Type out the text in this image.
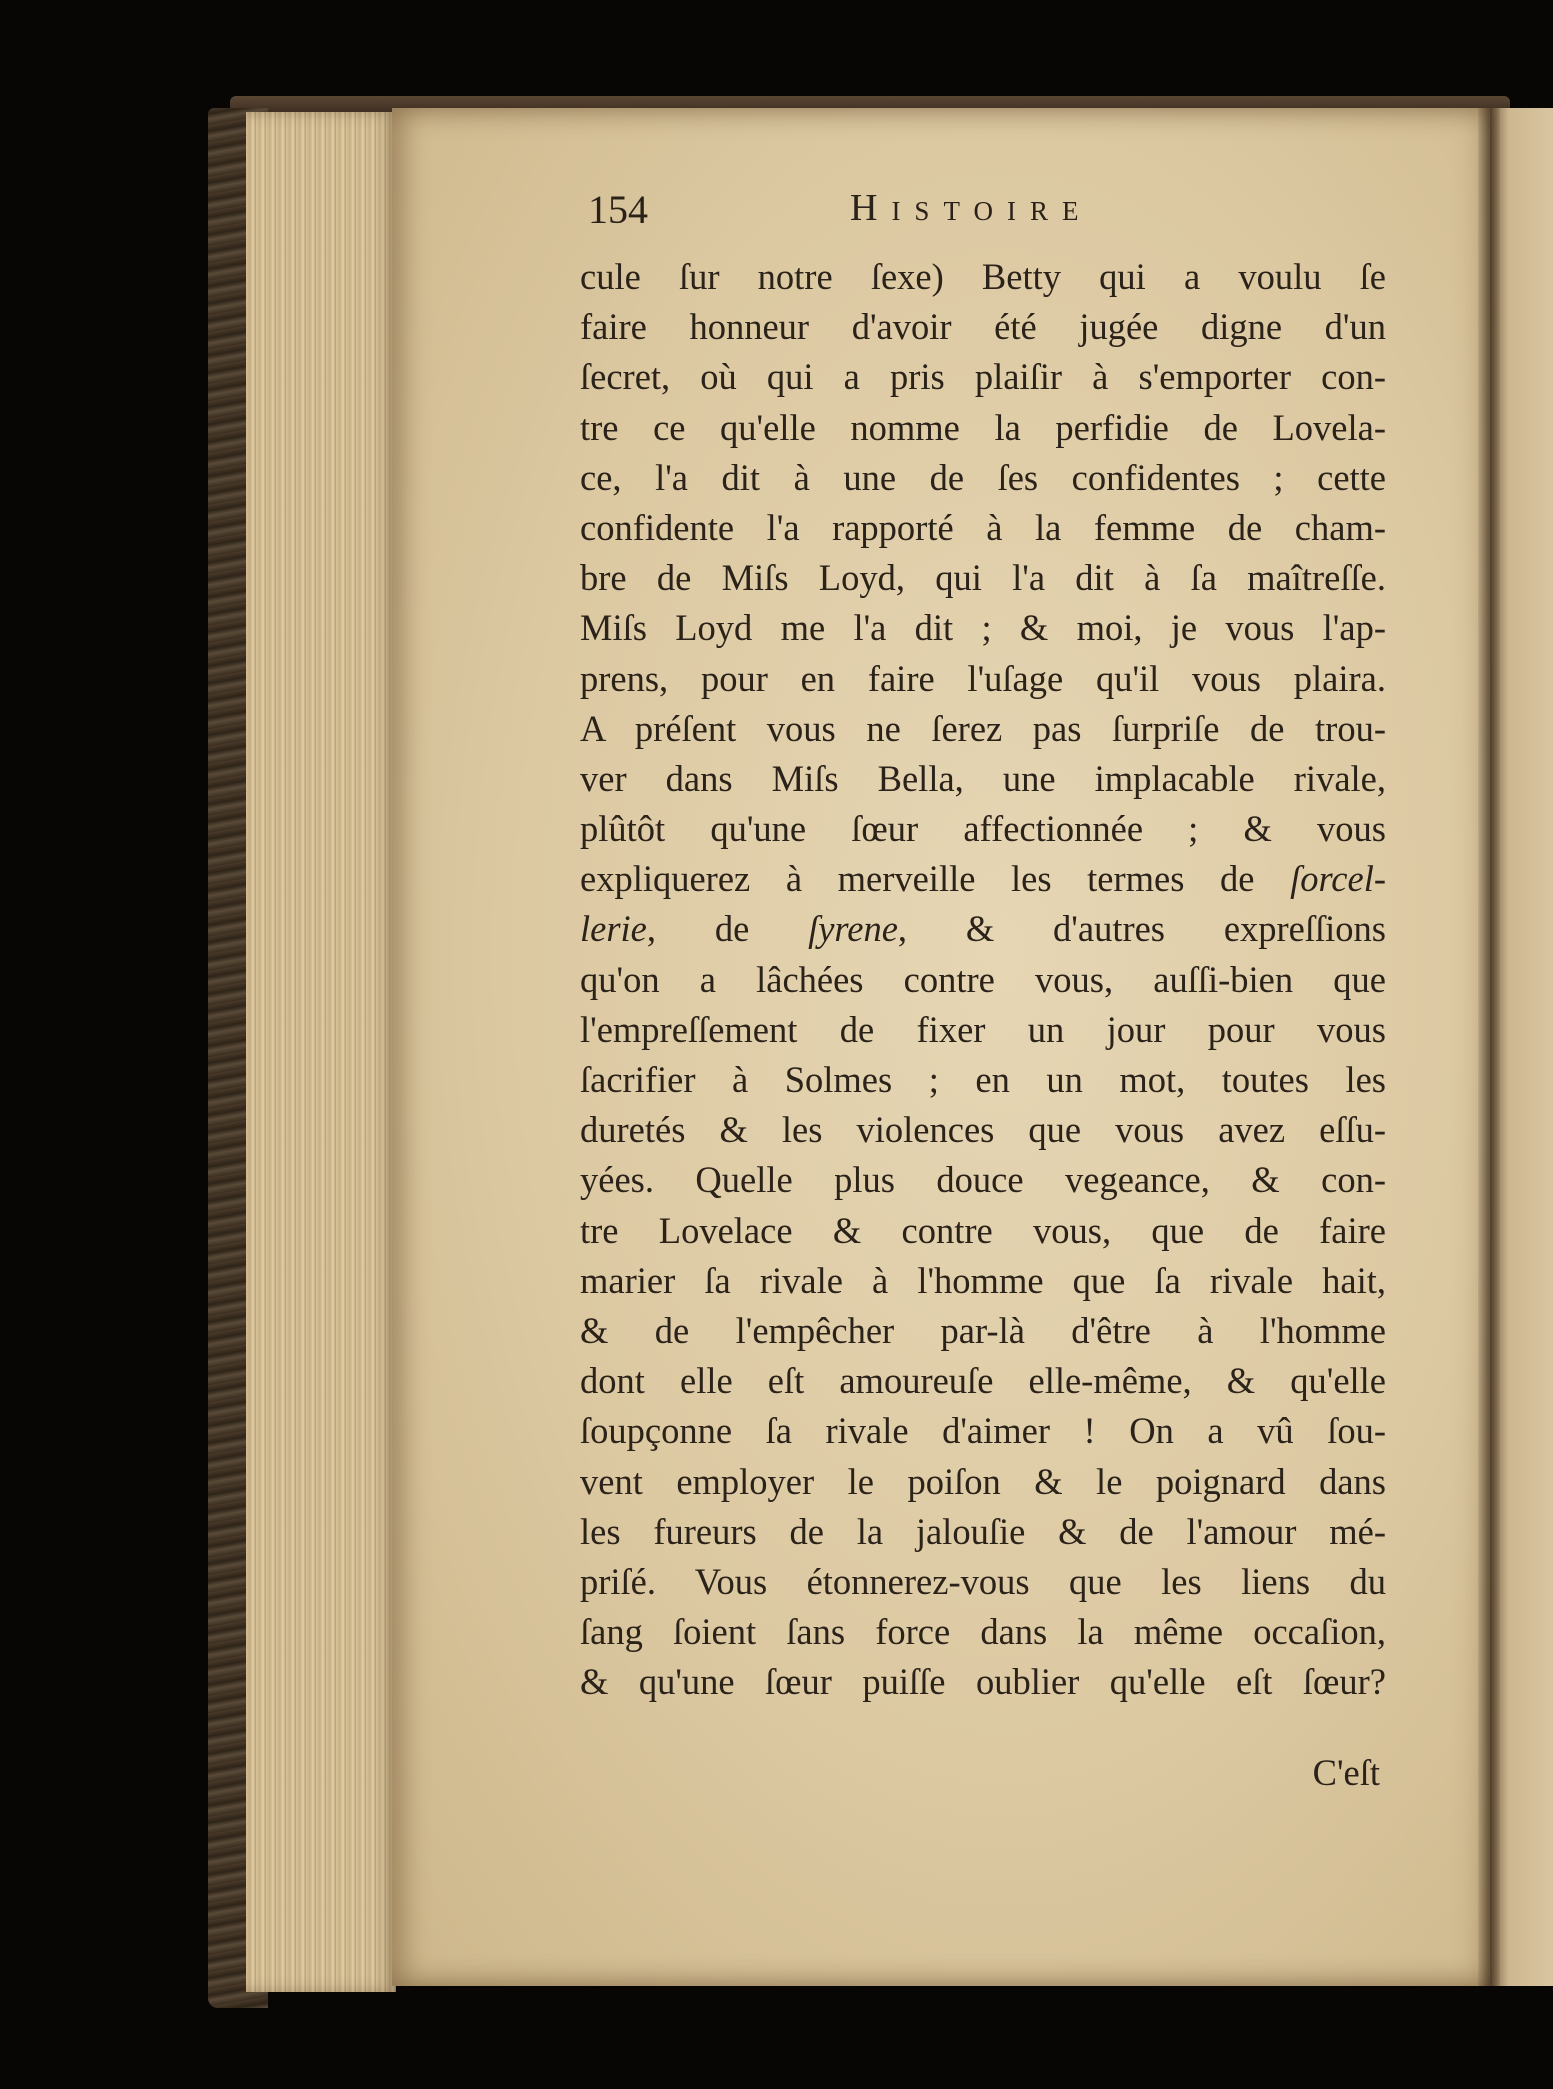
154	Histoire
cule ſur notre ſexe) Betty qui a voulu ſe
faire honneur d'avoir été jugée digne d'un
ſecret, où qui a pris plaiſir à s'emporter con-
tre ce qu'elle nomme la perfidie de Lovela-
ce, l'a dit à une de ſes confidentes ; cette
confidente l'a rapporté à la femme de cham-
bre de Miſs Loyd, qui l'a dit à ſa maîtreſſe.
Miſs Loyd me l'a dit ; & moi, je vous l'ap-
prens, pour en faire l'uſage qu'il vous plaira.
A préſent vous ne ſerez pas ſurpriſe de trou-
ver dans Miſs Bella, une implacable rivale,
plûtôt qu'une ſœur affectionnée ; & vous
expliquerez à merveille les termes de ſorcel-
lerie, de ſyrene, & d'autres expreſſions
qu'on a lâchées contre vous, auſſi-bien que
l'empreſſement de fixer un jour pour vous
ſacrifier à Solmes ; en un mot, toutes les
duretés & les violences que vous avez eſſu-
yées. Quelle plus douce vegeance, & con-
tre Lovelace & contre vous, que de faire
marier ſa rivale à l'homme que ſa rivale hait,
& de l'empêcher par-là d'être à l'homme
dont elle eſt amoureuſe elle-même, & qu'elle
ſoupçonne ſa rivale d'aimer ! On a vû ſou-
vent employer le poiſon & le poignard dans
les fureurs de la jalouſie & de l'amour mé-
priſé. Vous étonnerez-vous que les liens du
ſang ſoient ſans force dans la même occaſion,
& qu'une ſœur puiſſe oublier qu'elle eſt ſœur?
C'eſt
